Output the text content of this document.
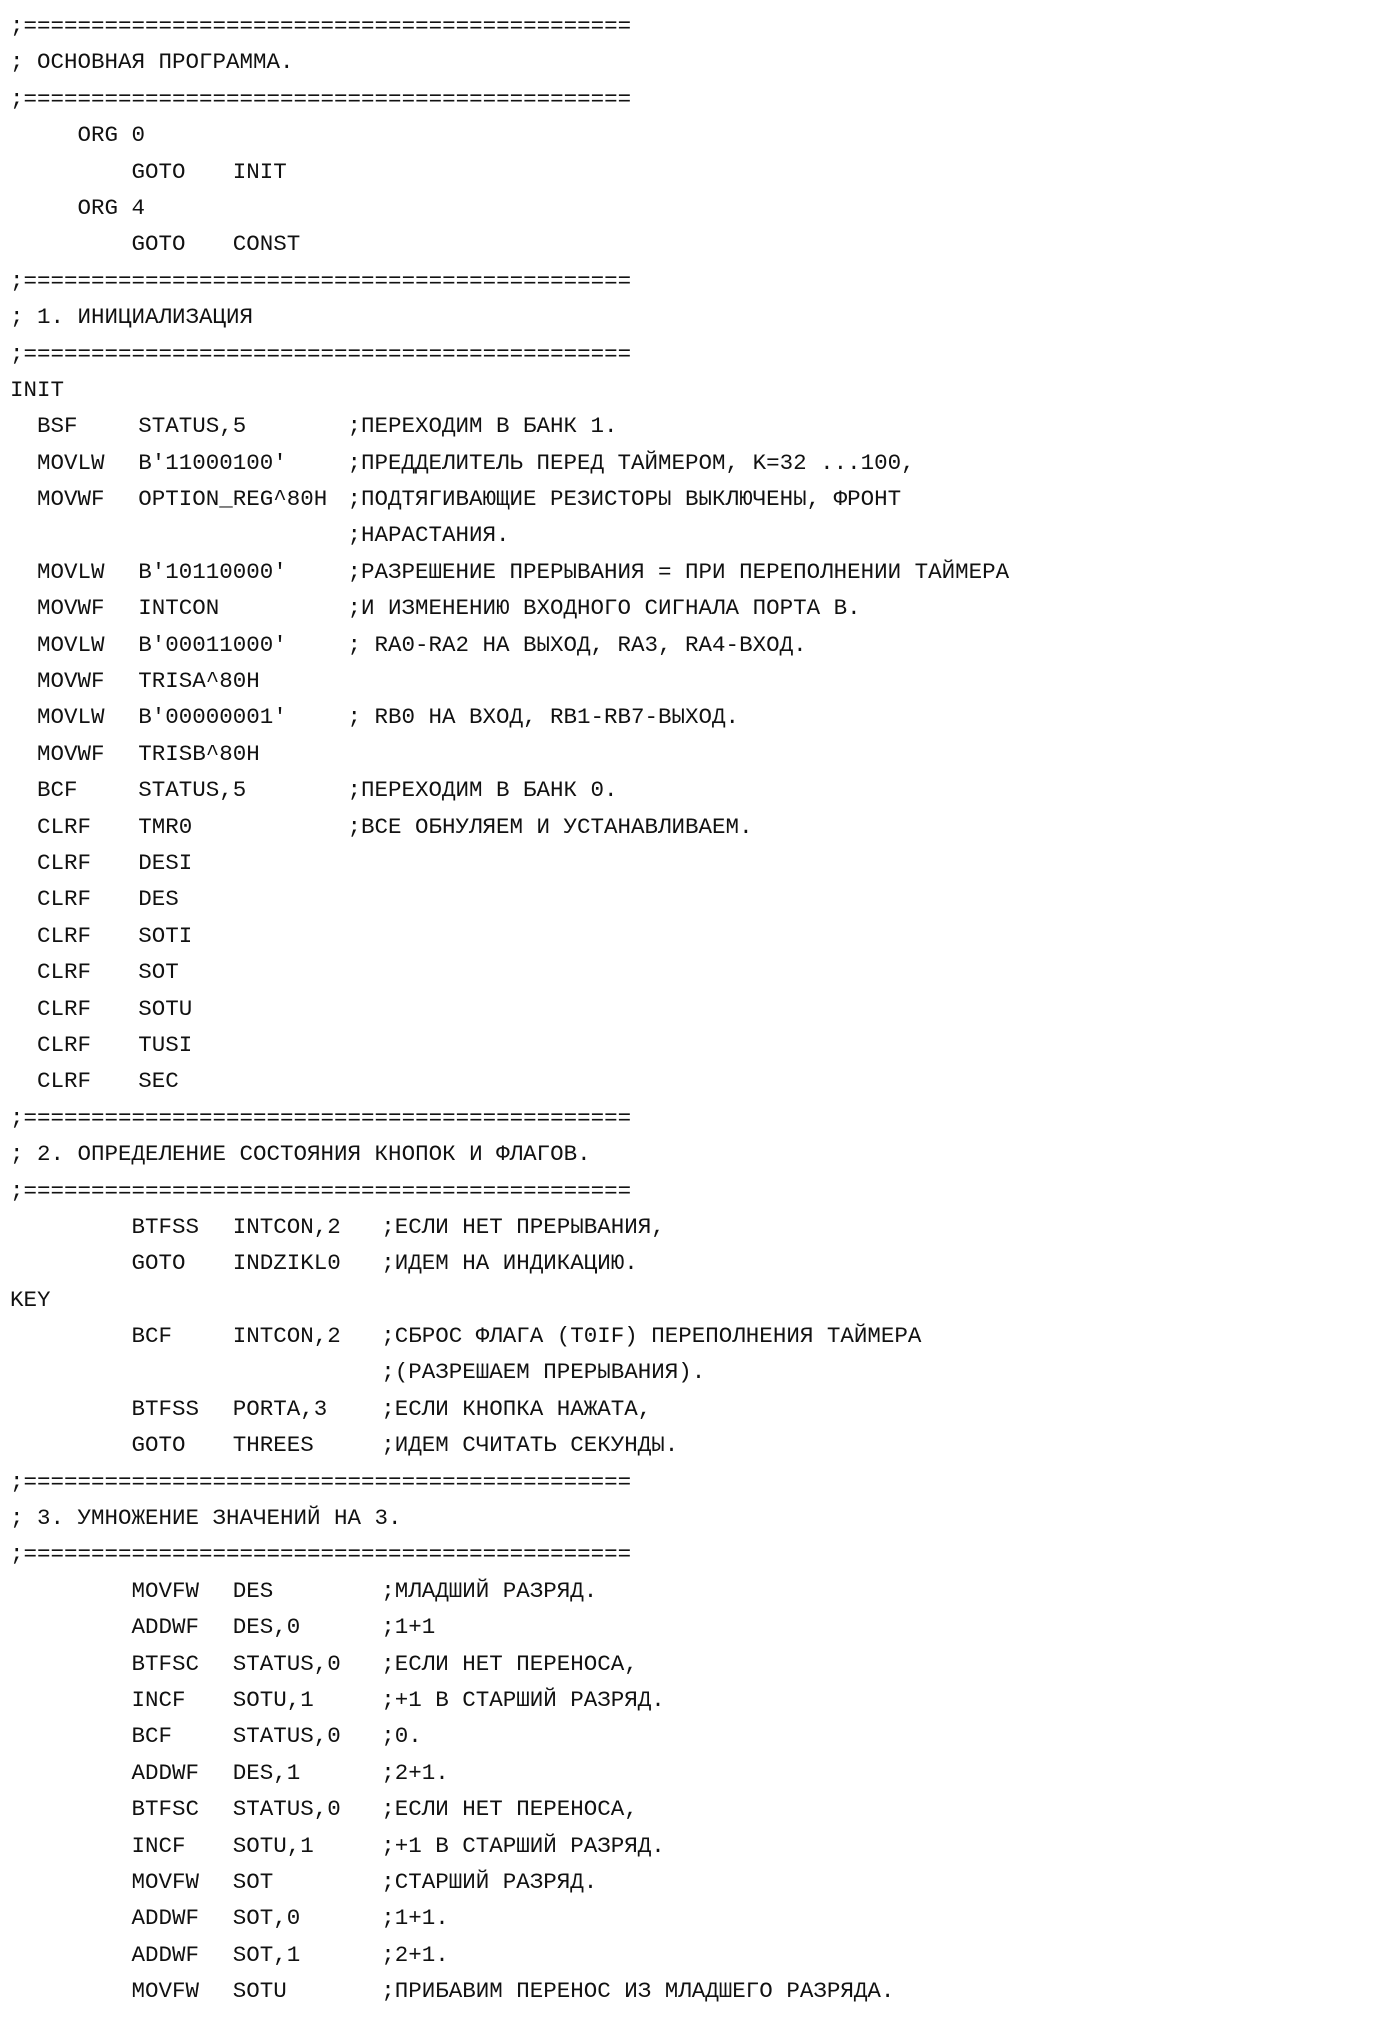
;=============================================
; ОСНОВНАЯ ПРОГРАММА.
;=============================================
ORG 0
GOTO INIT
ORG 4
GOTO CONST
;=============================================
; 1. ИНИЦИАЛИЗАЦИЯ
;=============================================
INIT
BSF	STATUS,5	;ПЕРЕХОДИМ В БАНК 1.
MOVLW B'11000100'	;ПРЕДДЕЛИТЕЛЬ ПЕРЕД ТАЙМЕРОМ, K=32 ...100,
MOVWF OPTION_REG^80H ;ПОДТЯГИВАЮЩИЕ РЕЗИСТОРЫ ВЫКЛЮЧЕНЫ, ФРОНТ
;НАРАСТАНИЯ.
MOVLW B'10110000'	;РАЗРЕШЕНИЕ ПРЕРЫВАНИЯ = ПРИ ПЕРЕПОЛНЕНИИ ТАЙМЕРА
MOVWF INTCON	;И ИЗМЕНЕНИЮ ВХОДНОГО СИГНАЛА ПОРТА В.
MOVLW B'00011000'	; RA0-RA2 НА ВЫХОД, RA3, RA4-ВХОД.
MOVWF TRISA^80H
MOVLW B'00000001'	; RB0 НА ВХОД, RB1-RB7-ВЫХОД.
MOVWF TRISB^80H
BCF	STATUS,5	;ПЕРЕХОДИМ В БАНК 0.
CLRF TMR0	;ВСЕ ОБНУЛЯЕМ И УСТАНАВЛИВАЕМ.
CLRF DESI
CLRF DES
CLRF SOTI
CLRF SOT
CLRF SOTU
CLRF TUSI
CLRF SEC
;=============================================
; 2. ОПРЕДЕЛЕНИЕ СОСТОЯНИЯ КНОПОК И ФЛАГОВ.
;=============================================
BTFSS INTCON,2 ;ЕСЛИ НЕТ ПРЕРЫВАНИЯ,
GOTO INDZIKL0 ;ИДЕМ НА ИНДИКАЦИЮ.
KEY
BCF	INTCON,2 ;СБРОС ФЛАГА (T0IF) ПЕРЕПОЛНЕНИЯ ТАЙМЕРА
;(РАЗРЕШАЕМ ПРЕРЫВАНИЯ).
BTFSS PORTA,3 ;ЕСЛИ КНОПКА НАЖАТА,
GOTO THREES	;ИДЕМ СЧИТАТЬ СЕКУНДЫ.
;=============================================
; 3. УМНОЖЕНИЕ ЗНАЧЕНИЙ НА 3.
;=============================================
MOVFW DES	;МЛАДШИЙ РАЗРЯД.
ADDWF DES,0	;1+1
BTFSC STATUS,0 ;ЕСЛИ НЕТ ПЕРЕНОСА,
INCF SOTU,1	;+1 В СТАРШИЙ РАЗРЯД.
BCF	STATUS,0 ;0.
ADDWF DES,1	;2+1.
BTFSC STATUS,0 ;ЕСЛИ НЕТ ПЕРЕНОСА,
INCF SOTU,1	;+1 В СТАРШИЙ РАЗРЯД.
MOVFW SOT	;СТАРШИЙ РАЗРЯД.
ADDWF SOT,0	;1+1.
ADDWF SOT,1	;2+1.
MOVFW SOTU	;ПРИБАВИМ ПЕРЕНОС ИЗ МЛАДШЕГО РАЗРЯДА.
